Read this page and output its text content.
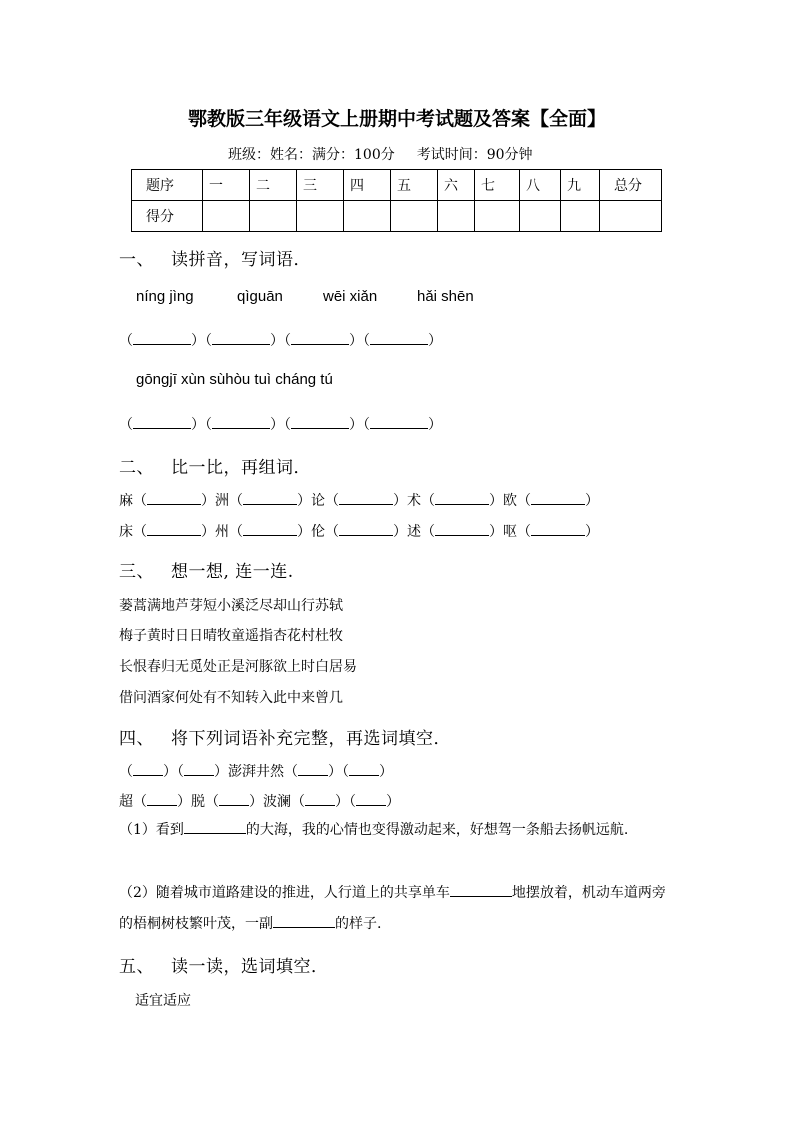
鄂教版三年级语文上册期中考试题及答案【全面】
班级：姓名：满分：100分 考试时间：90分钟
题序	一	二	三	四	五	六	七	八	九	总分
得分										
一、 读拼音，写词语．
níng jìng	qìguān	wēi xiǎn	hǎi shēn
（	）（	）（	）（	）
gōngjī xùn sùhòu tuì cháng tú
（	）（	）（	）（	）
二、 比一比，再组词．
麻（	）洲（	）论（	）术（	）欧（	）
床（	）州（	）伦（	）述（	）呕（	）
三、 想一想, 连一连.
蒌蒿满地芦芽短小溪泛尽却山行苏轼
梅子黄时日日晴牧童遥指杏花村杜牧
长恨春归无觅处正是河豚欲上时白居易
借问酒家何处有不知转入此中来曾几
四、 将下列词语补充完整，再选词填空．
（ ）（ ）澎湃井然（ ）（ ）
超（ ）脱（ ）波澜（ ）（ ）
（1）看到	的大海，我的心情也变得激动起来，好想驾一条船去扬帆远航.
（2）随着城市道路建设的推进，人行道上的共享单车	地摆放着，机动车道两旁的梧桐树枝繁叶茂，一副	的样子.
五、 读一读，选词填空．
适宜适应
